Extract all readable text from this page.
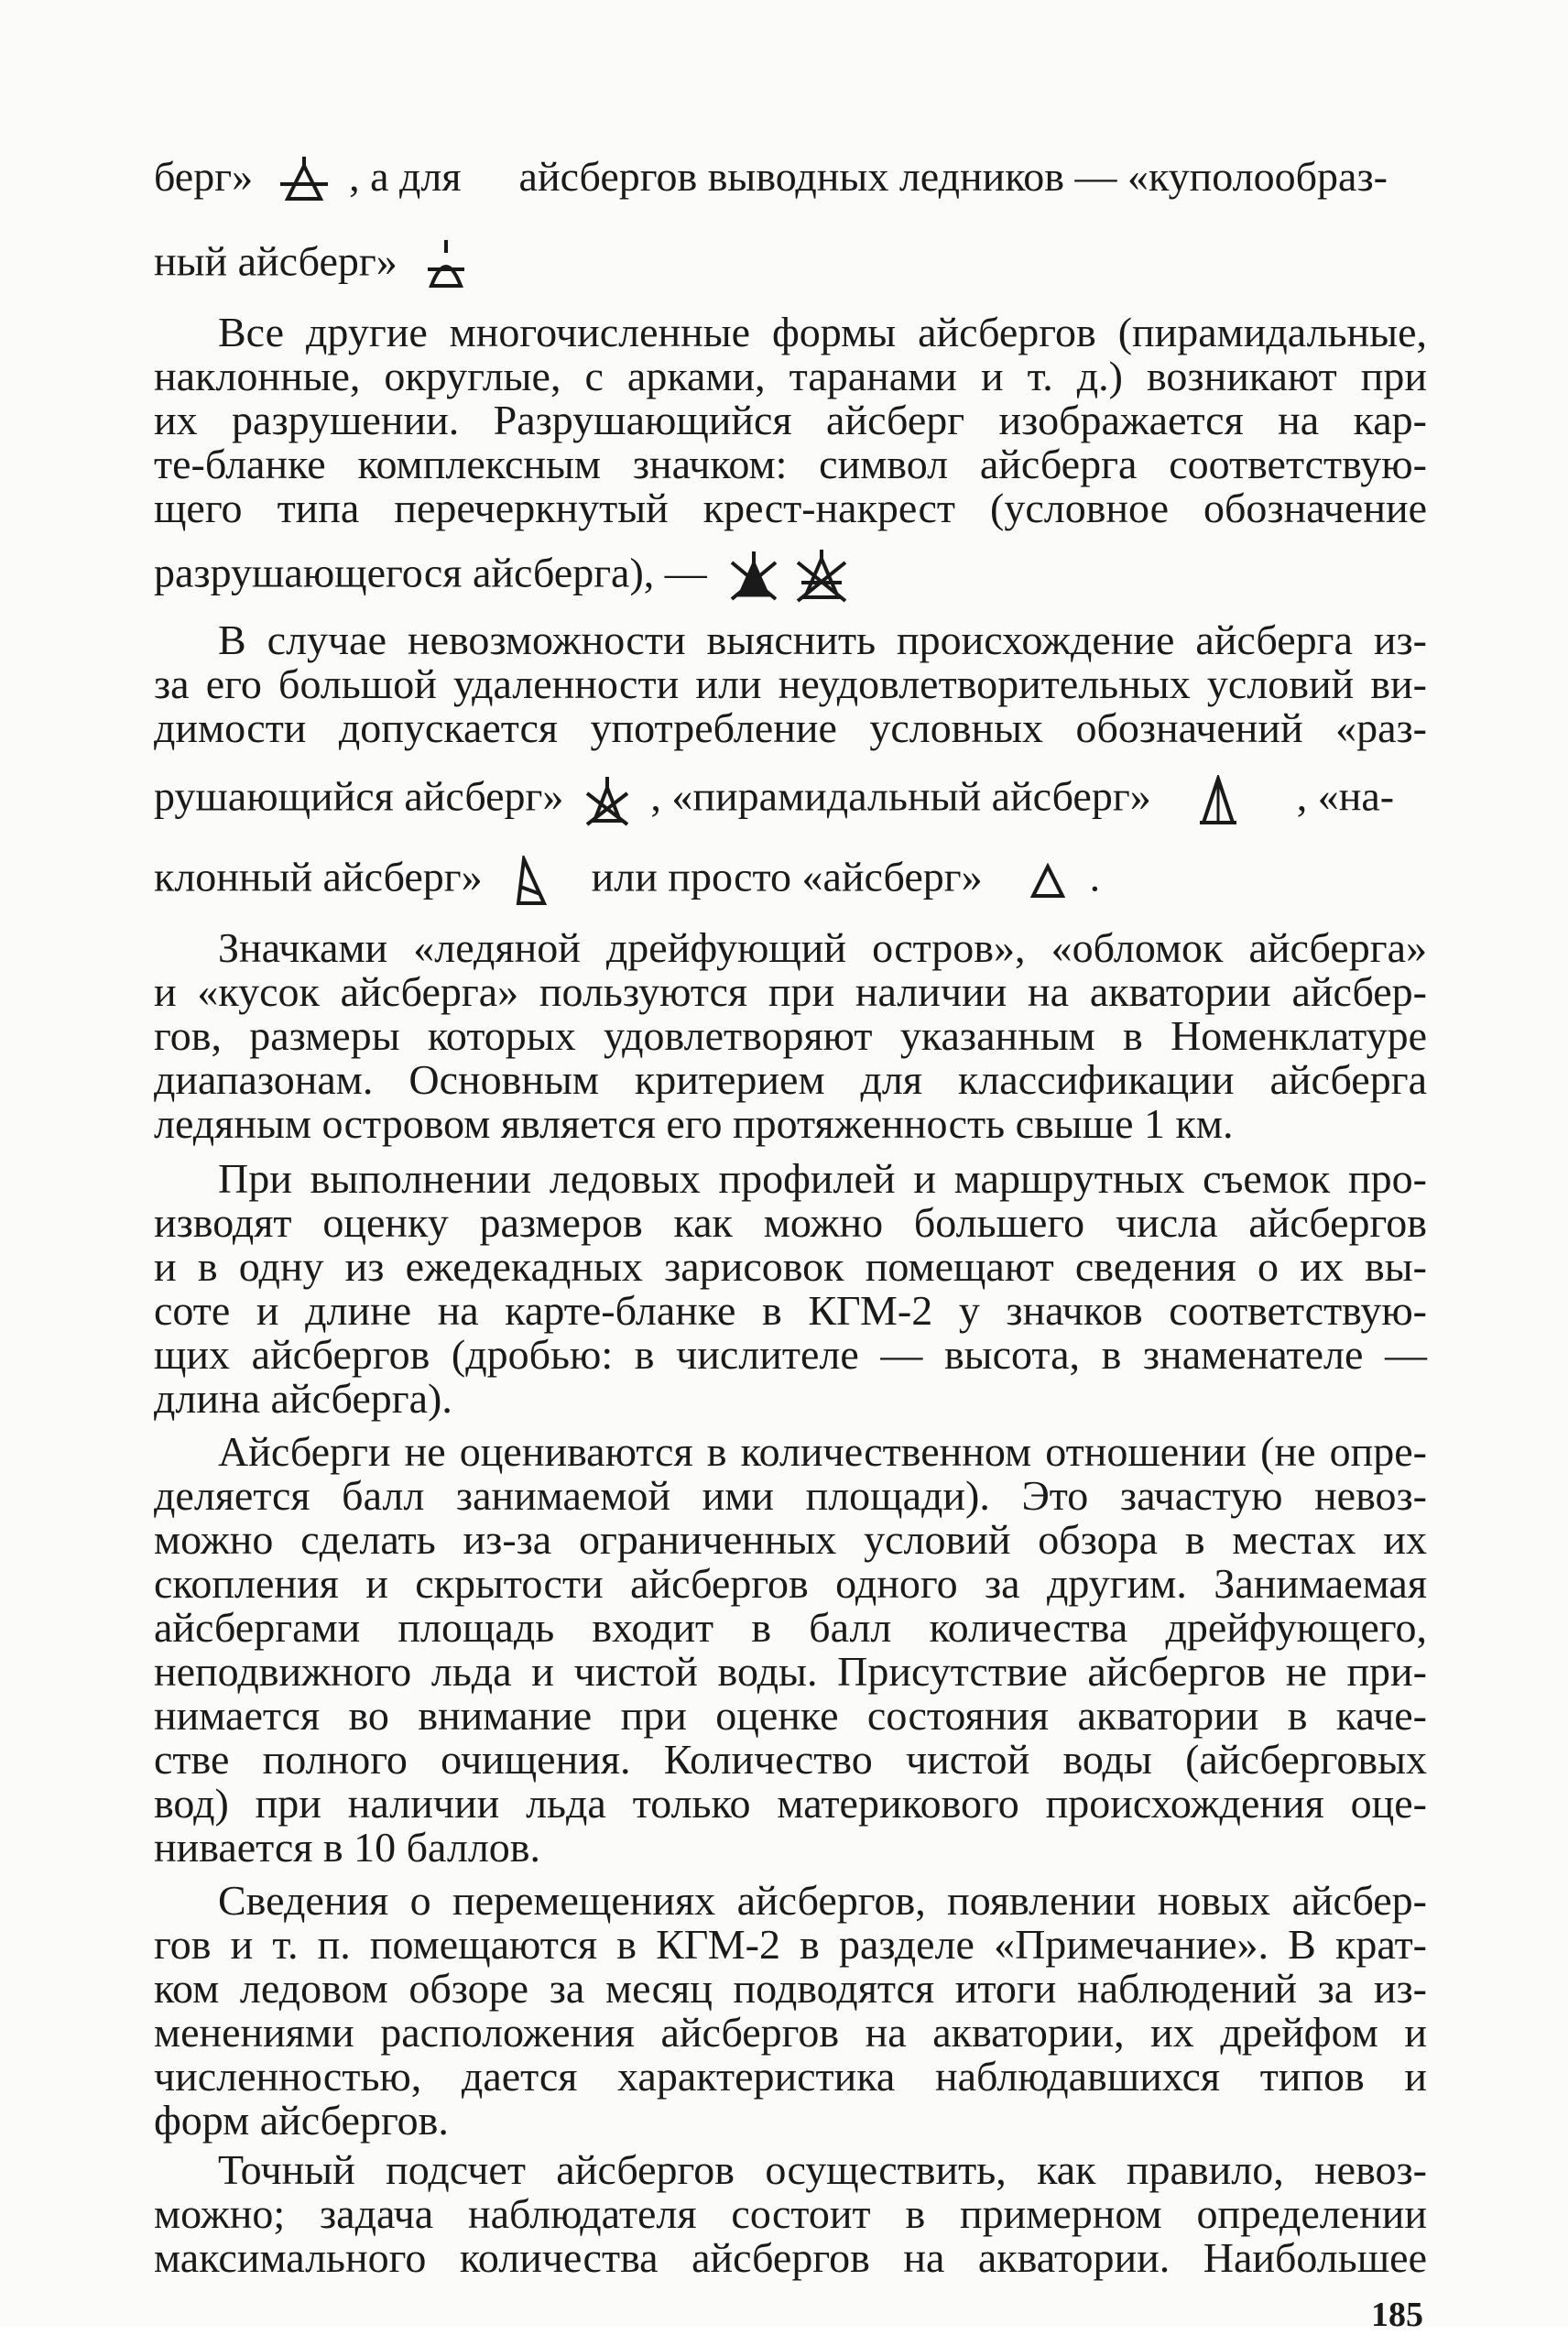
берг» , а для айсбергов выводных ледников — «куполообраз-
ный айсберг»
Все другие многочисленные формы айсбергов (пирамидальные,
наклонные, округлые, с арками, таранами и т. д.) возникают при
их разрушении. Разрушающийся айсберг изображается на кар-
те-бланке комплексным значком: символ айсберга соответствую-
щего типа перечеркнутый крест-накрест (условное обозначение
разрушающегося айсберга), —

В случае невозможности выяснить происхождение айсберга из-
за его большой удаленности или неудовлетворительных условий ви-
димости допускается употребление условных обозначений «раз-
рушающийся айсберг» , «пирамидальный айсберг»	, «на-
клонный айсберг»	или просто «айсберг»	.
Значками «ледяной дрейфующий остров», «обломок айсберга»
и «кусок айсберга» пользуются при наличии на акватории айсбер-
гов, размеры которых удовлетворяют указанным в Номенклатуре
диапазонам. Основным критерием для классификации айсберга
ледяным островом является его протяженность свыше 1 км.
При выполнении ледовых профилей и маршрутных съемок про-
изводят оценку размеров как можно большего числа айсбергов
и в одну из ежедекадных зарисовок помещают сведения о их вы-
соте и длине на карте-бланке в КГМ-2 у значков соответствую-
щих айсбергов (дробью: в числителе — высота, в знаменателе —
длина айсберга).
Айсберги не оцениваются в количественном отношении (не опре-
деляется балл занимаемой ими площади). Это зачастую невоз-
можно сделать из-за ограниченных условий обзора в местах их
скопления и скрытости айсбергов одного за другим. Занимаемая
айсбергами площадь входит в балл количества дрейфующего,
неподвижного льда и чистой воды. Присутствие айсбергов не при-
нимается во внимание при оценке состояния акватории в каче-
стве полного очищения. Количество чистой воды (айсберговых
вод) при наличии льда только материкового происхождения оце-
нивается в 10 баллов.
Сведения о перемещениях айсбергов, появлении новых айсбер-
гов и т. п. помещаются в КГМ-2 в разделе «Примечание». В крат-
ком ледовом обзоре за месяц подводятся итоги наблюдений за из-
менениями расположения айсбергов на акватории, их дрейфом и
численностью, дается характеристика наблюдавшихся типов и
форм айсбергов.
Точный подсчет айсбергов осуществить, как правило, невоз-
можно; задача наблюдателя состоит в примерном определении
максимального количества айсбергов на акватории. Наибольшее
185
